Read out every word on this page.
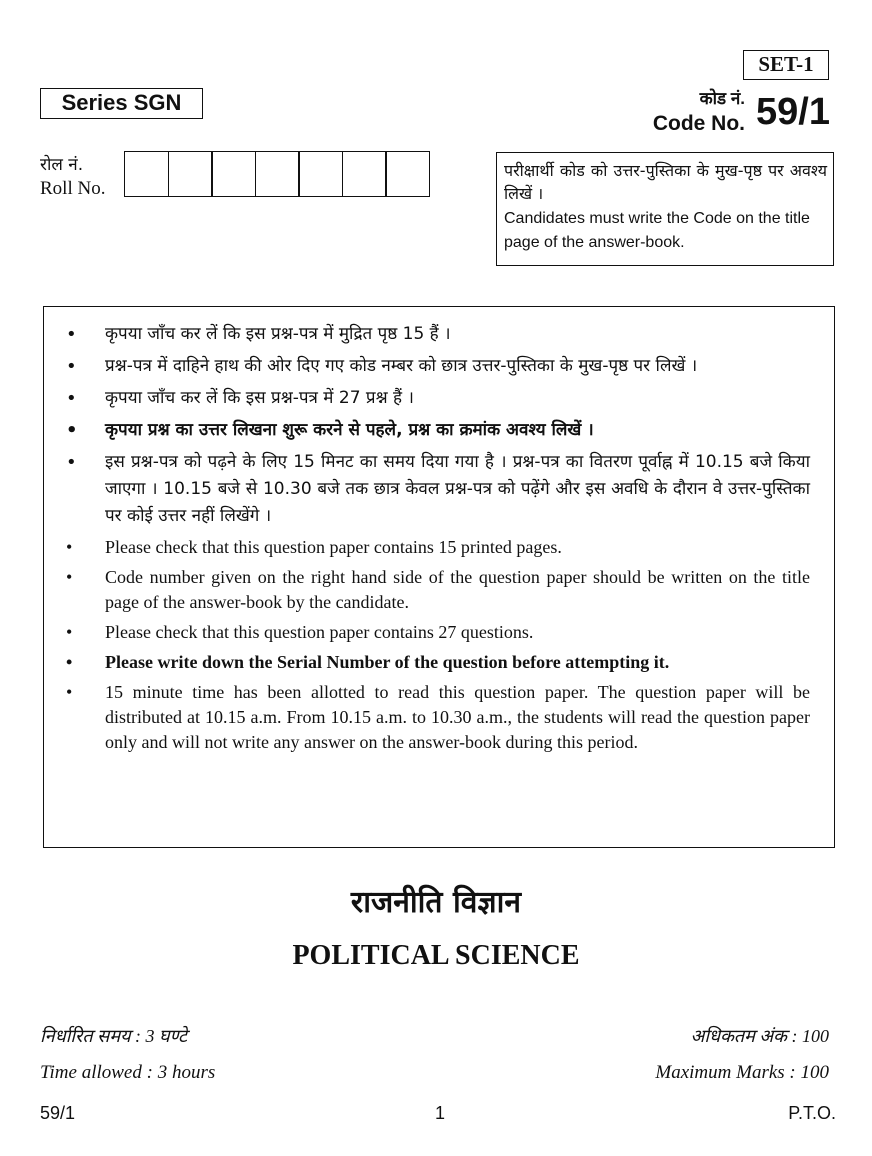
SET-1
Series SGN	कोड नं.
Code No. 59/1
रोल नं.
Roll No.

परीक्षार्थी कोड को उत्तर-पुस्तिका के मुख-पृष्ठ पर अवश्य लिखें ।

Candidates must write the Code on the title page of the answer-book.

• कृपया जाँच कर लें कि इस प्रश्न-पत्र में मुद्रित पृष्ठ 15 हैं ।
• प्रश्न-पत्र में दाहिने हाथ की ओर दिए गए कोड नम्बर को छात्र उत्तर-पुस्तिका के मुख-पृष्ठ पर लिखें ।
• कृपया जाँच कर लें कि इस प्रश्न-पत्र में 27 प्रश्न हैं ।
• कृपया प्रश्न का उत्तर लिखना शुरू करने से पहले, प्रश्न का क्रमांक अवश्य लिखें ।
• इस प्रश्न-पत्र को पढ़ने के लिए 15 मिनट का समय दिया गया है । प्रश्न-पत्र का वितरण पूर्वाह्न में 10.15 बजे किया जाएगा । 10.15 बजे से 10.30 बजे तक छात्र केवल प्रश्न-पत्र को पढ़ेंगे और इस अवधि के दौरान वे उत्तर-पुस्तिका पर कोई उत्तर नहीं लिखेंगे ।
• Please check that this question paper contains 15 printed pages.
• Code number given on the right hand side of the question paper should be written on the title page of the answer-book by the candidate.
• Please check that this question paper contains 27 questions.
• Please write down the Serial Number of the question before attempting it.
• 15 minute time has been allotted to read this question paper. The question paper will be distributed at 10.15 a.m. From 10.15 a.m. to 10.30 a.m., the students will read the question paper only and will not write any answer on the answer-book during this period.
राजनीति विज्ञान
POLITICAL SCIENCE
निर्धारित समय : 3 घण्टे	अधिकतम अंक : 100
Time allowed : 3 hours	Maximum Marks : 100
59/1	1	P.T.O.
